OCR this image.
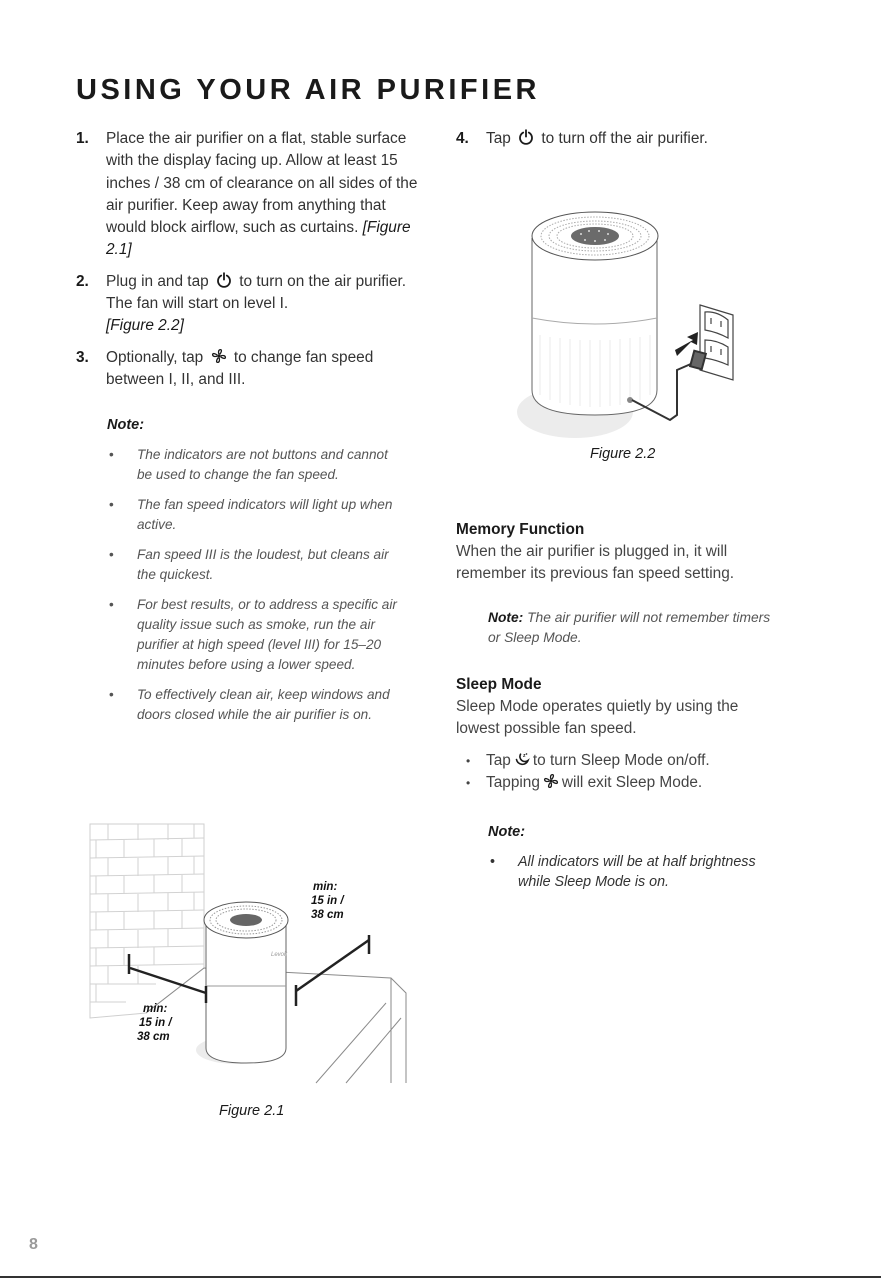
USING YOUR AIR PURIFIER
1. Place the air purifier on a flat, stable surface with the display facing up. Allow at least 15 inches / 38 cm of clearance on all sides of the air purifier. Keep away from anything that would block airflow, such as curtains. [Figure 2.1]
2. Plug in and tap to turn on the air purifier. The fan will start on level I.
[Figure 2.2]
3. Optionally, tap to change fan speed between I, II, and III.
Note:
• The indicators are not buttons and cannot be used to change the fan speed.
• The fan speed indicators will light up when active.
• Fan speed III is the loudest, but cleans air the quickest.
• For best results, or to address a specific air quality issue such as smoke, run the air purifier at high speed (level III) for 15–20 minutes before using a lower speed.
• To effectively clean air, keep windows and doors closed while the air purifier is on.
Levoit
min:
15 in /
38 cm
min:
15 in /
38 cm
Figure 2.1
4. Tap to turn off the air purifier.
Figure 2.2
Memory Function
When the air purifier is plugged in, it will remember its previous fan speed setting.
Note: The air purifier will not remember timers or Sleep Mode.
Sleep Mode
Sleep Mode operates quietly by using the lowest possible fan speed.
• Tap to turn Sleep Mode on/off.
• Tapping will exit Sleep Mode.
Note:
• All indicators will be at half brightness while Sleep Mode is on.
8
